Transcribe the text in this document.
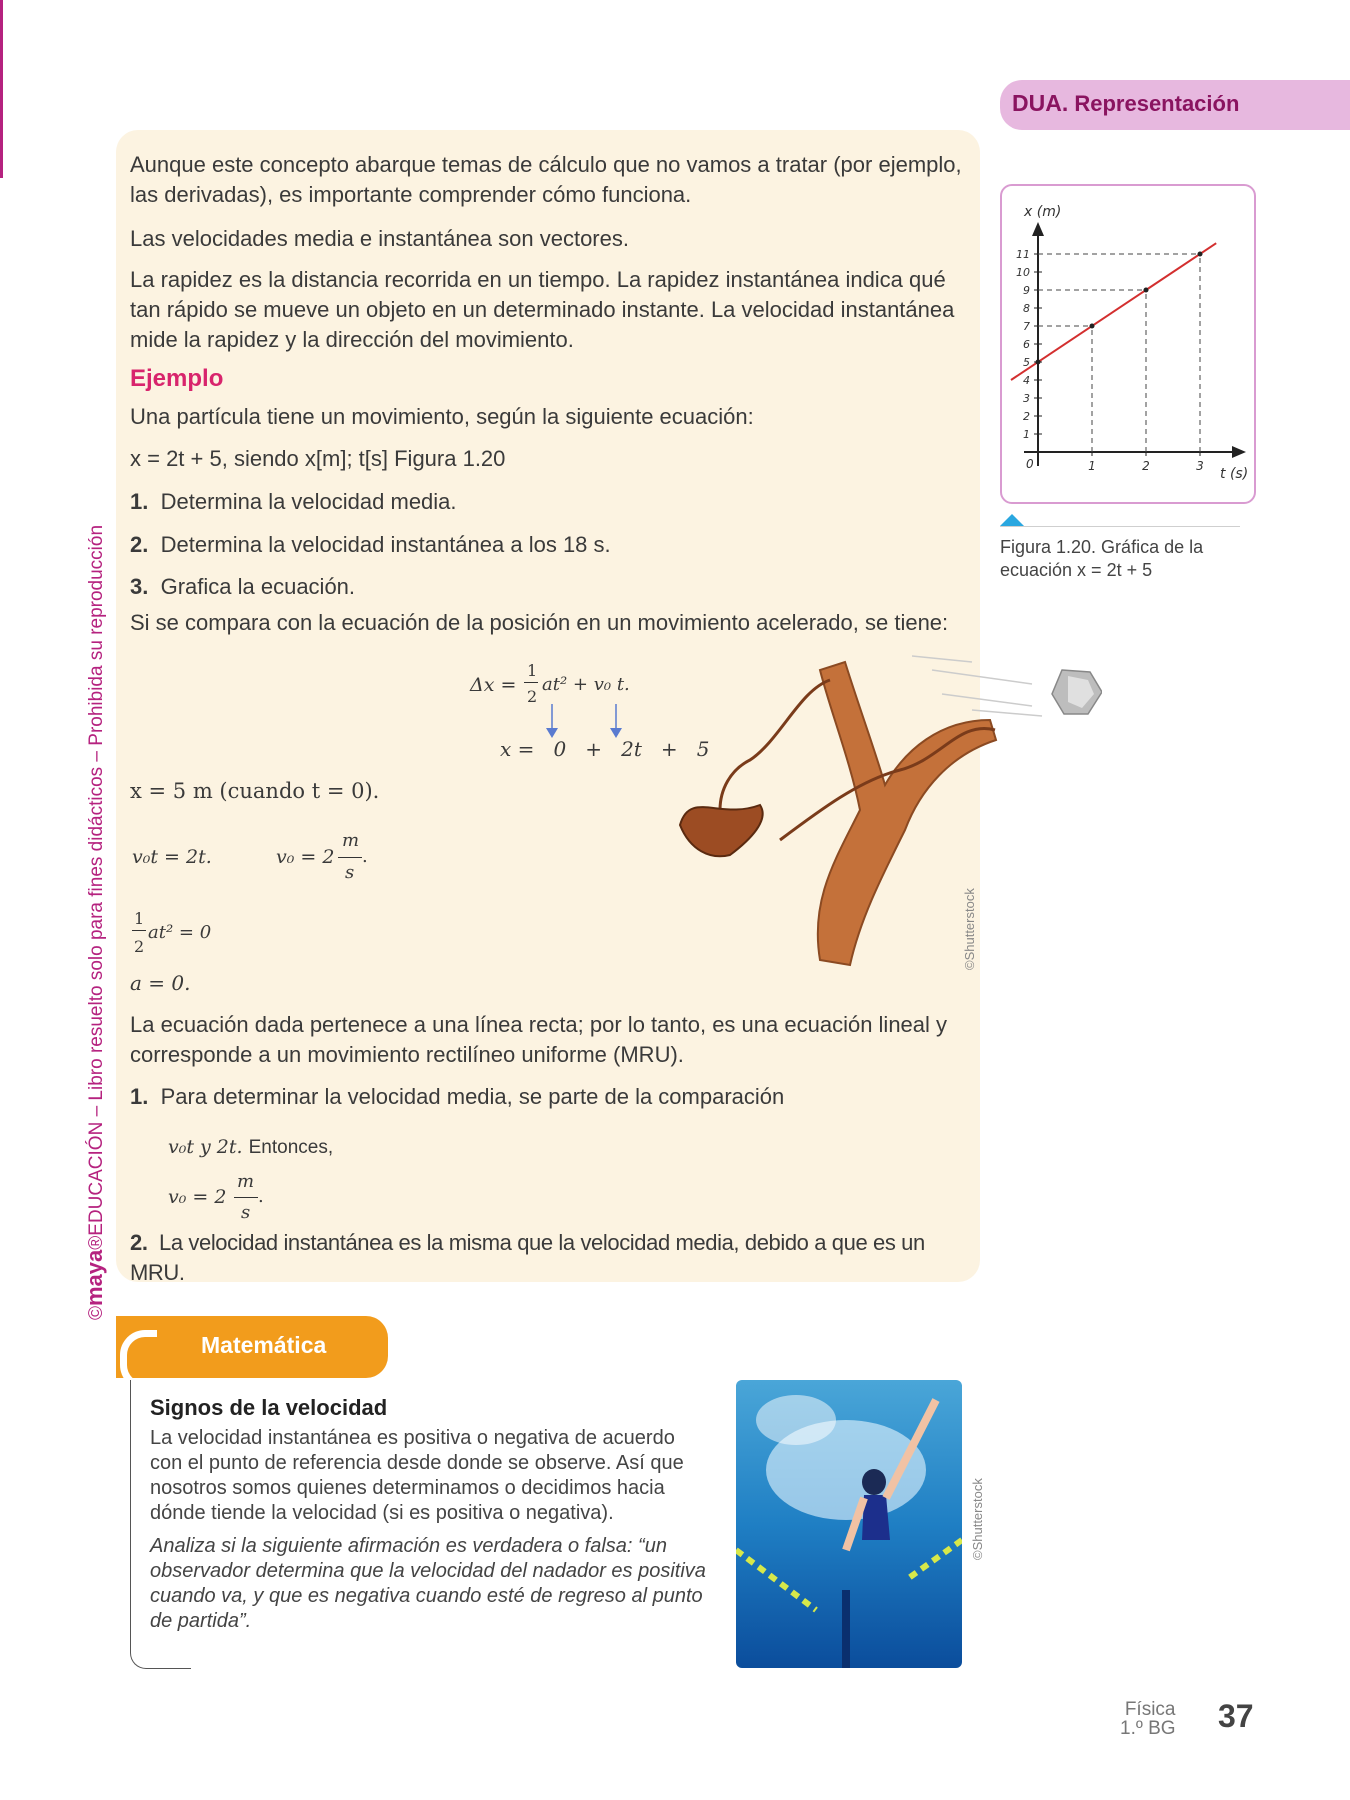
©maya®EDUCACIÓN – Libro resuelto solo para fines didácticos – Prohibida su reproducción
DUA. Representación
Aunque este concepto abarque temas de cálculo que no vamos a tratar (por ejemplo, las derivadas), es importante comprender cómo funciona.
Las velocidades media e instantánea son vectores.
La rapidez es la distancia recorrida en un tiempo. La rapidez instantánea indica qué tan rápido se mueve un objeto en un determinado instante. La velocidad instantánea mide la rapidez y la dirección del movimiento.
Ejemplo
Una partícula tiene un movimiento, según la siguiente ecuación:
x = 2t + 5, siendo x[m]; t[s] Figura 1.20
1. Determina la velocidad media.
2. Determina la velocidad instantánea a los 18 s.
3. Grafica la ecuación.
Si se compara con la ecuación de la posición en un movimiento acelerado, se tiene:
Δx =
1
2
at² + v₀ t.
x =   0   +   2t   +   5
x = 5 m (cuando t = 0).
v₀t = 2t.	v₀ = 2
m
s
.
1
2
at² = 0
a = 0.
©Shutterstock
La ecuación dada pertenece a una línea recta; por lo tanto, es una ecuación lineal y corresponde a un movimiento rectilíneo uniforme (MRU).
1. Para determinar la velocidad media, se parte de la comparación
v₀t y 2t. Entonces,
v₀ = 2
m
s
.
2. La velocidad instantánea es la misma que la velocidad media, debido a que es un MRU.
x (m)
t (s)
0
1
2
3
4
5
6
7
8
9
10
11
1	2	3
Figura 1.20. Gráfica de la ecuación x = 2t + 5
Matemática
Signos de la velocidad
La velocidad instantánea es positiva o negativa de acuerdo con el punto de referencia desde donde se observe. Así que nosotros somos quienes determinamos o decidimos hacia dónde tiende la velocidad (si es positiva o negativa).
Analiza si la siguiente afirmación es verdadera o falsa: “un observador determina que la velocidad del nadador es positiva cuando va, y que es negativa cuando esté de regreso al punto de partida”.
©Shutterstock
Física
1.º BG 37
